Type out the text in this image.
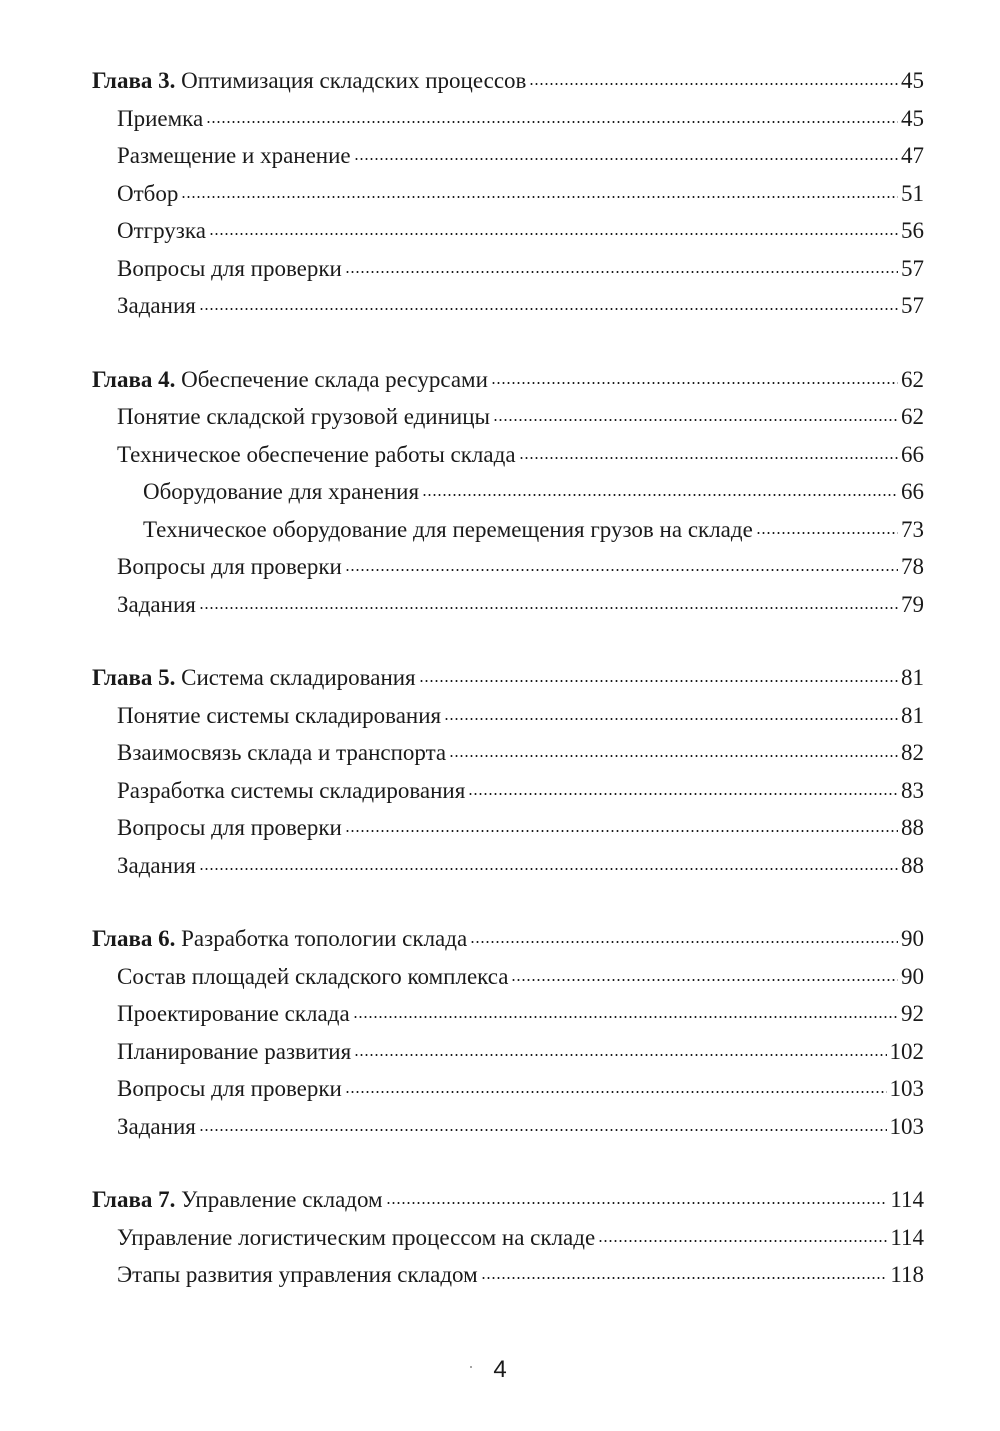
Глава 3. Оптимизация складских процессов	45
Приемка	45
Размещение и хранение	47
Отбор	51
Отгрузка	56
Вопросы для проверки	57
Задания	57
Глава 4. Обеспечение склада ресурсами	62
Понятие складской грузовой единицы	62
Техническое обеспечение работы склада	66
Оборудование для хранения	66
Техническое оборудование для перемещения грузов на складе	73
Вопросы для проверки	78
Задания	79
Глава 5. Система складирования	81
Понятие системы складирования	81
Взаимосвязь склада и транспорта	82
Разработка системы складирования	83
Вопросы для проверки	88
Задания	88
Глава 6. Разработка топологии склада	90
Состав площадей складского комплекса	90
Проектирование склада	92
Планирование развития	102
Вопросы для проверки	103
Задания	103
Глава 7. Управление складом	114
Управление логистическим процессом на складе	114
Этапы развития управления складом	118
4
